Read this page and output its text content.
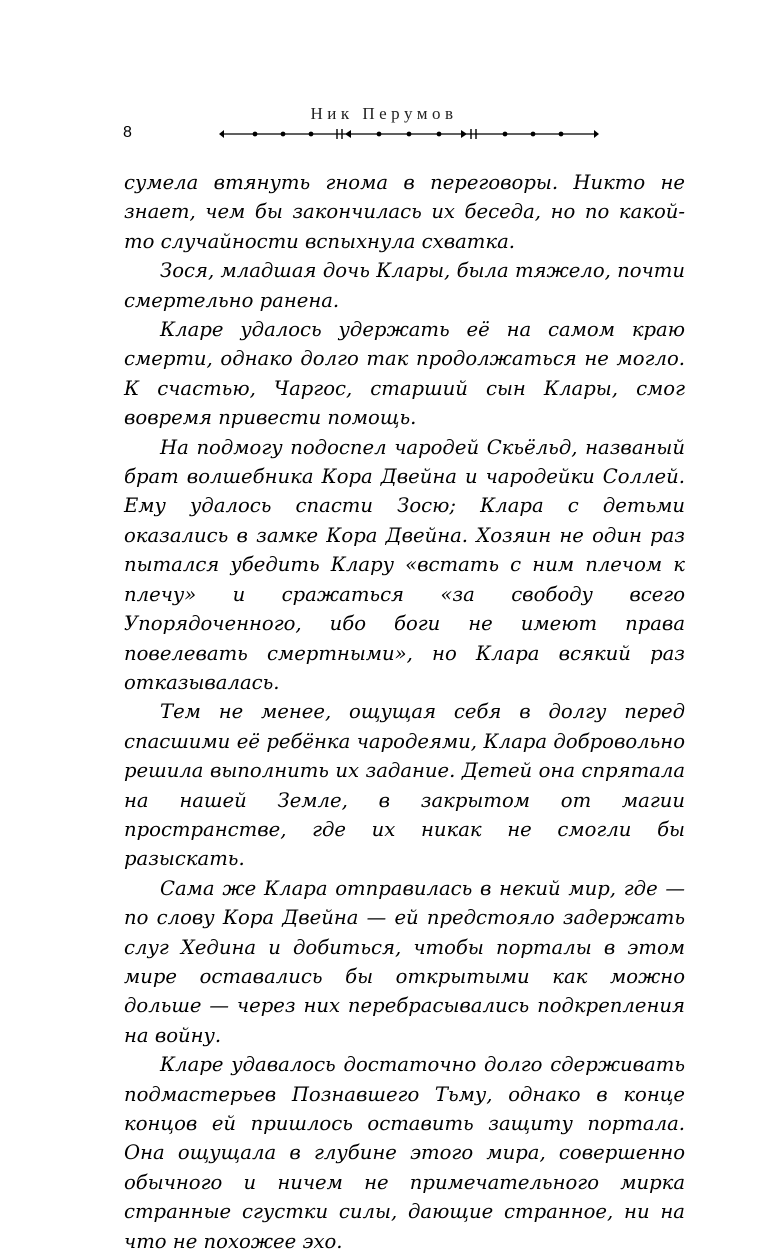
Ник Перумов
8

сумела втянуть гнома в переговоры. Никто не знает, чем бы закончилась их беседа, но по какой-то случайности вспыхнула схватка.

Зося, младшая дочь Клары, была тяжело, почти смертельно ранена.

Кларе удалось удержать её на самом краю смерти, однако долго так продолжаться не могло. К счастью, Чаргос, старший сын Клары, смог вовремя привести помощь.

На подмогу подоспел чародей Скьёльд, названый брат волшебника Кора Двейна и чародейки Соллей. Ему удалось спасти Зосю; Клара с детьми оказались в замке Кора Двейна. Хозяин не один раз пытался убедить Клару «встать с ним плечом к плечу» и сражаться «за свободу всего Упорядоченного, ибо боги не имеют права повелевать смертными», но Клара всякий раз отказывалась.

Тем не менее, ощущая себя в долгу перед спасшими её ребёнка чародеями, Клара добровольно решила выполнить их задание. Детей она спрятала на нашей Земле, в закрытом от магии пространстве, где их никак не смогли бы разыскать.

Сама же Клара отправилась в некий мир, где — по слову Кора Двейна — ей предстояло задержать слуг Хедина и добиться, чтобы порталы в этом мире оставались бы открытыми как можно дольше — через них перебрасывались подкрепления на войну.

Кларе удавалось достаточно долго сдерживать подмастерьев Познавшего Тьму, однако в конце концов ей пришлось оставить защиту портала. Она ощущала в глубине этого мира, совершенно обычного и ничем не примечательного мирка странные сгустки силы, дающие странное, ни на что не похожее эхо.
